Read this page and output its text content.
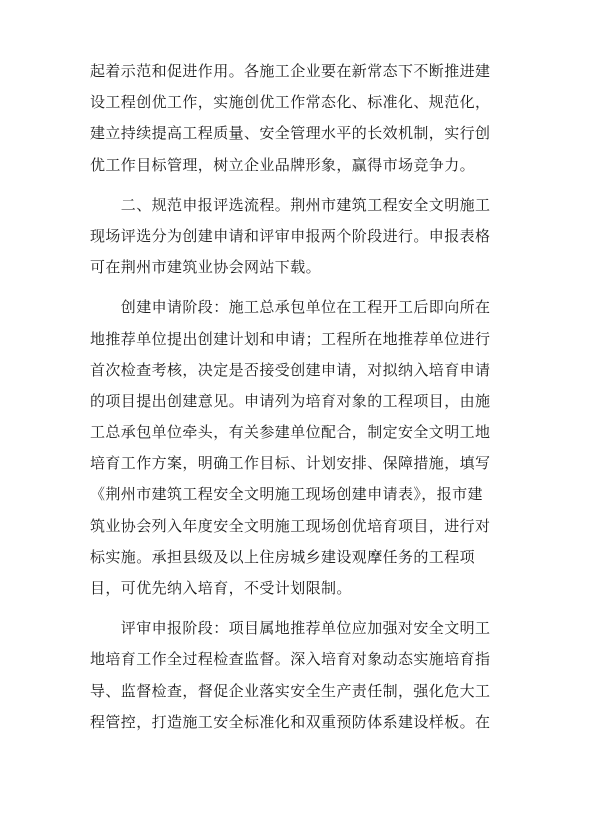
起着示范和促进作用。各施工企业要在新常态下不断推进建
设工程创优工作，实施创优工作常态化、标准化、规范化，
建立持续提高工程质量、安全管理水平的长效机制，实行创
优工作目标管理，树立企业品牌形象，赢得市场竞争力。

　　二、规范申报评选流程。荆州市建筑工程安全文明施工
现场评选分为创建申请和评审申报两个阶段进行。申报表格
可在荆州市建筑业协会网站下载。

　　创建申请阶段：施工总承包单位在工程开工后即向所在
地推荐单位提出创建计划和申请；工程所在地推荐单位进行
首次检查考核，决定是否接受创建申请，对拟纳入培育申请
的项目提出创建意见。申请列为培育对象的工程项目，由施
工总承包单位牵头，有关参建单位配合，制定安全文明工地
培育工作方案，明确工作目标、计划安排、保障措施，填写
《荆州市建筑工程安全文明施工现场创建申请表》，报市建
筑业协会列入年度安全文明施工现场创优培育项目，进行对
标实施。承担县级及以上住房城乡建设观摩任务的工程项
目，可优先纳入培育，不受计划限制。

　　评审申报阶段：项目属地推荐单位应加强对安全文明工
地培育工作全过程检查监督。深入培育对象动态实施培育指
导、监督检查，督促企业落实安全生产责任制，强化危大工
程管控，打造施工安全标准化和双重预防体系建设样板。在
